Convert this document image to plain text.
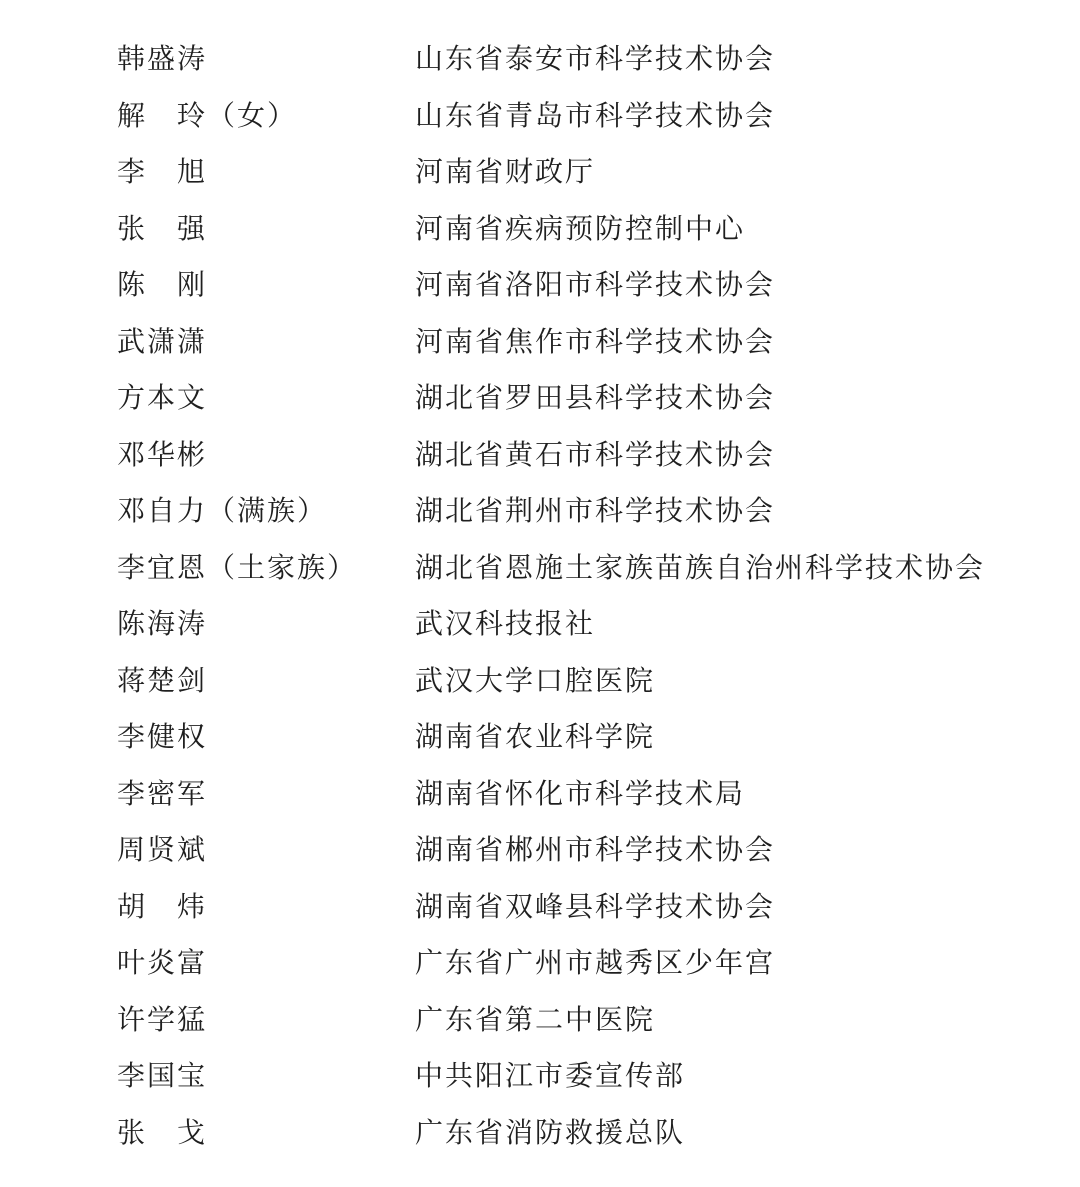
韩盛涛	山东省泰安市科学技术协会
解　玲（女）	山东省青岛市科学技术协会
李　旭	河南省财政厅
张　强	河南省疾病预防控制中心
陈　刚	河南省洛阳市科学技术协会
武潇潇	河南省焦作市科学技术协会
方本文	湖北省罗田县科学技术协会
邓华彬	湖北省黄石市科学技术协会
邓自力（满族）	湖北省荆州市科学技术协会
李宜恩（土家族） 湖北省恩施土家族苗族自治州科学技术协会
陈海涛	武汉科技报社
蒋楚剑	武汉大学口腔医院
李健权	湖南省农业科学院
李密军	湖南省怀化市科学技术局
周贤斌	湖南省郴州市科学技术协会
胡　炜	湖南省双峰县科学技术协会
叶炎富	广东省广州市越秀区少年宫
许学猛	广东省第二中医院
李国宝	中共阳江市委宣传部
张　戈	广东省消防救援总队
